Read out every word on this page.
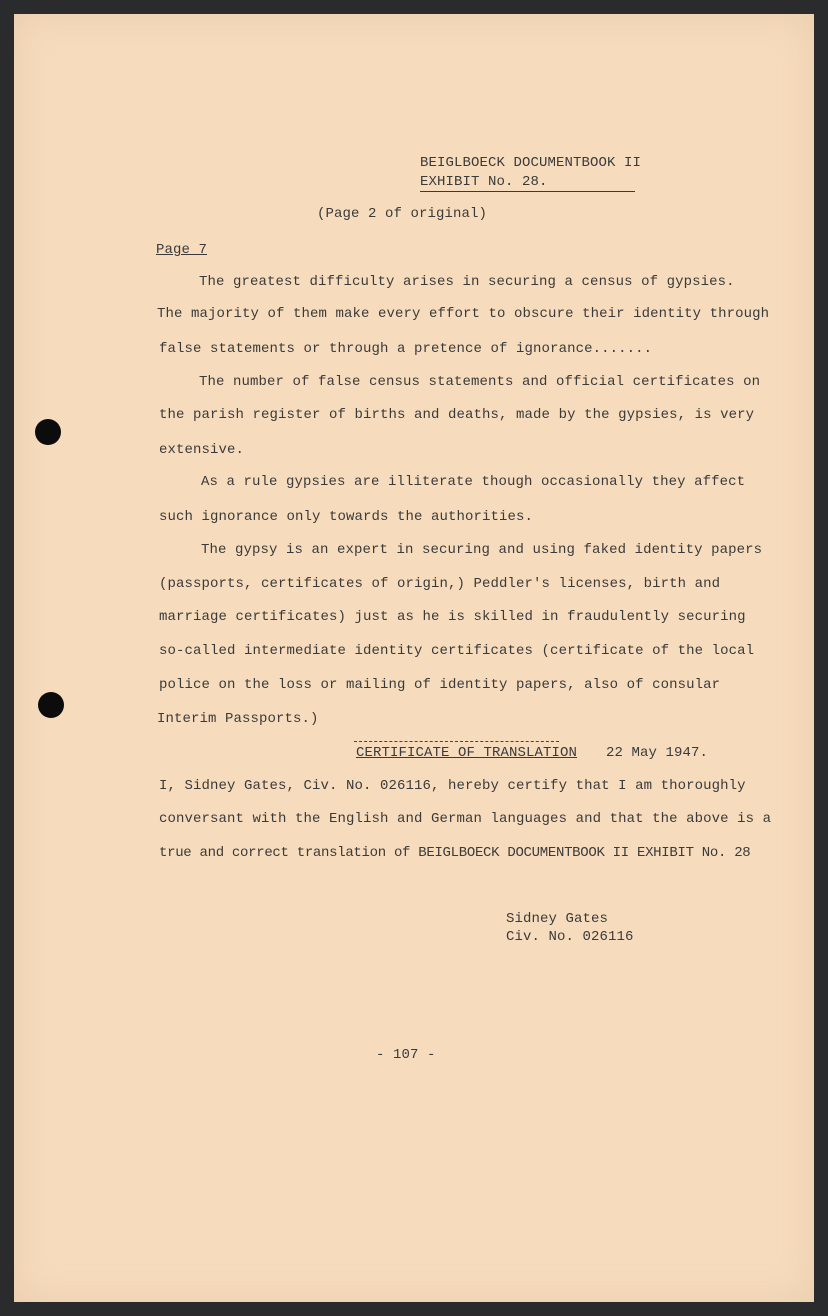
BEIGLBOECK DOCUMENTBOOK II
EXHIBIT No. 28.
(Page 2 of original)
Page 7
The greatest difficulty arises in securing a census of gypsies.
The majority of them make every effort to obscure their identity through
false statements or through a pretence of ignorance.......
The number of false census statements and official certificates on
the parish register of births and deaths, made by the gypsies, is very
extensive.
As a rule gypsies are illiterate though occasionally they affect
such ignorance only towards the authorities.
The gypsy is an expert in securing and using faked identity papers
(passports, certificates of origin,) Peddler's licenses, birth and
marriage certificates) just as he is skilled in fraudulently securing
so-called intermediate identity certificates (certificate of the local
police on the loss or mailing of identity papers, also of consular
Interim Passports.)
CERTIFICATE OF TRANSLATION 22 May 1947.
I, Sidney Gates, Civ. No. 026116, hereby certify that I am thoroughly
conversant with the English and German languages and that the above is a
true and correct translation of BEIGLBOECK DOCUMENTBOOK II EXHIBIT No. 28
Sidney Gates
Civ. No. 026116
- 107 -
